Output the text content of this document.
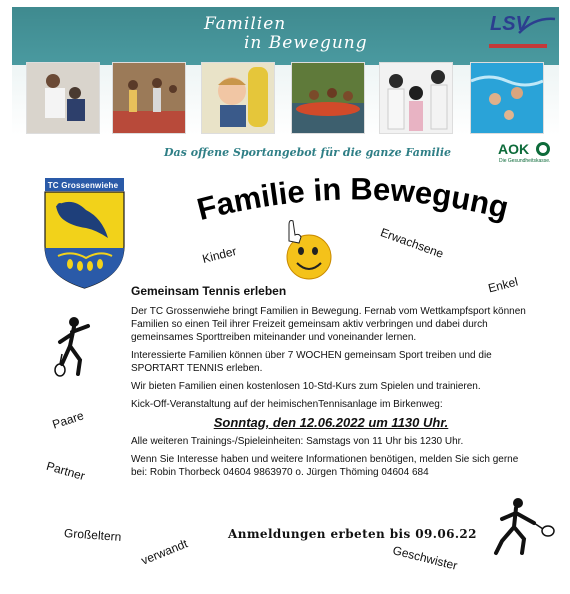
Familien
in Bewegung
LSV
Das offene Sportangebot für die ganze Familie	AOK
Die Gesundheitskasse.
TC Grossenwiehe
Familie in Bewegung
Kinder	Erwachsene
Enkel
Paare
Partner
Großeltern
verwandt	Geschwister

Gemeinsam Tennis erleben

Der TC Grossenwiehe bringt Familien in Bewegung. Fernab vom Wettkampfsport können Familien so einen Teil ihrer Freizeit gemeinsam aktiv verbringen und dabei durch gemeinsames Sporttreiben miteinander und voneinander lernen.

Interessierte Familien können über 7 WOCHEN gemeinsam Sport treiben und die SPORTART TENNIS erleben.

Wir bieten Familien einen kostenlosen 10-Std-Kurs zum Spielen und trainieren.

Kick-Off-Veranstaltung auf der heimischenTennisanlage im Birkenweg:

Sonntag, den 12.06.2022 um 1130 Uhr.

Alle weiteren Trainings-/Spieleinheiten: Samstags von 11 Uhr bis 1230 Uhr.

Wenn Sie Interesse haben und weitere Informationen benötigen, melden Sie sich gerne bei: Robin Thorbeck 04604 9863970 o. Jürgen Thöming 04604 684

Anmeldungen erbeten bis 09.06.22
